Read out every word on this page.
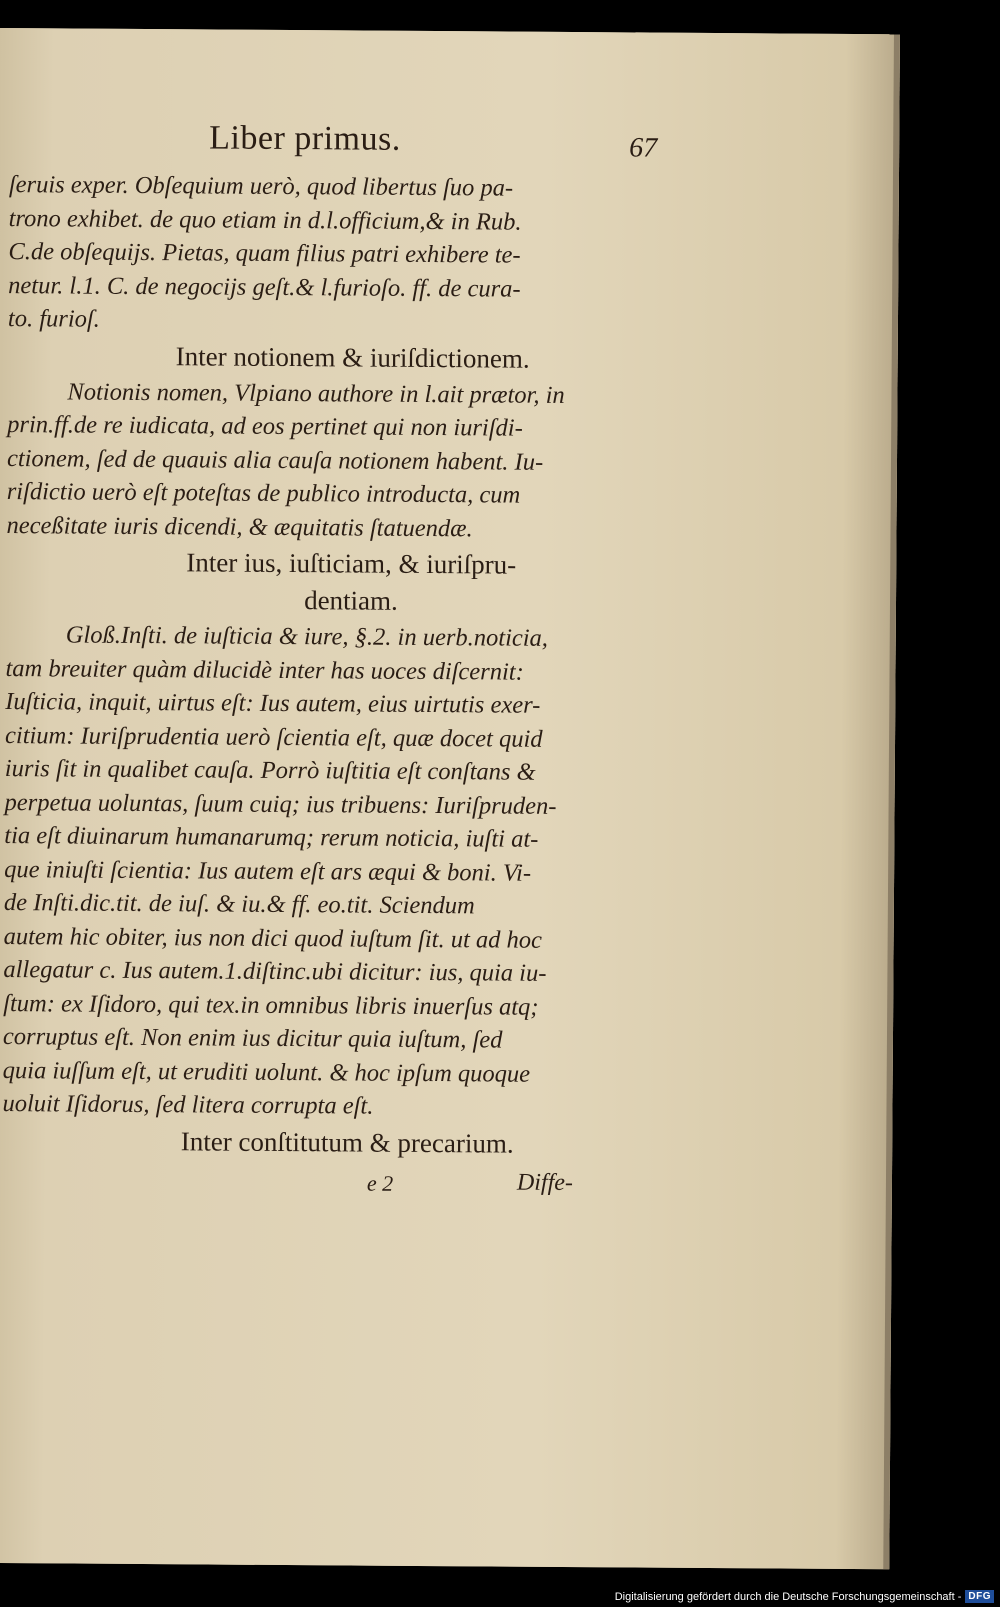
Liber primus.	67

ſeruis exper. Obſequium uerò, quod libertus ſuo pa-

trono exhibet. de quo etiam in d.l.officium,& in Rub.

C.de obſequijs. Pietas, quam filius patri exhibere te-

netur. l.1. C. de negocijs geſt.& l.furioſo. ff. de cura-

to. furioſ.

Inter notionem & iuriſdictionem.

Notionis nomen, Vlpiano authore in l.ait prætor, in

prin.ff.de re iudicata, ad eos pertinet qui non iuriſdi-

ctionem, ſed de quauis alia cauſa notionem habent. Iu-

riſdictio uerò eſt poteſtas de publico introducta, cum

neceßitate iuris dicendi, & æquitatis ſtatuendæ.

Inter ius, iuſticiam, & iuriſpru-

dentiam.

Gloß.Inſti. de iuſticia & iure, §.2. in uerb.noticia,

tam breuiter quàm dilucidè inter has uoces diſcernit:

Iuſticia, inquit, uirtus eſt: Ius autem, eius uirtutis exer-

citium: Iuriſprudentia uerò ſcientia eſt, quæ docet quid

iuris ſit in qualibet cauſa. Porrò iuſtitia eſt conſtans &

perpetua uoluntas, ſuum cuiq; ius tribuens: Iuriſpruden-

tia eſt diuinarum humanarumq; rerum noticia, iuſti at-

que iniuſti ſcientia: Ius autem eſt ars æqui & boni. Vi-

de Inſti.dic.tit. de iuſ. & iu.& ff. eo.tit. Sciendum

autem hic obiter, ius non dici quod iuſtum ſit. ut ad hoc

allegatur c. Ius autem.1.diſtinc.ubi dicitur: ius, quia iu-

ſtum: ex Iſidoro, qui tex.in omnibus libris inuerſus atq;

corruptus eſt. Non enim ius dicitur quia iuſtum, ſed

quia iuſſum eſt, ut eruditi uolunt. & hoc ipſum quoque

uoluit Iſidorus, ſed litera corrupta eſt.

Inter conſtitutum & precarium.

e 2	Diffe-
Digitalisierung gefördert durch die Deutsche Forschungsgemeinschaft - DFG
